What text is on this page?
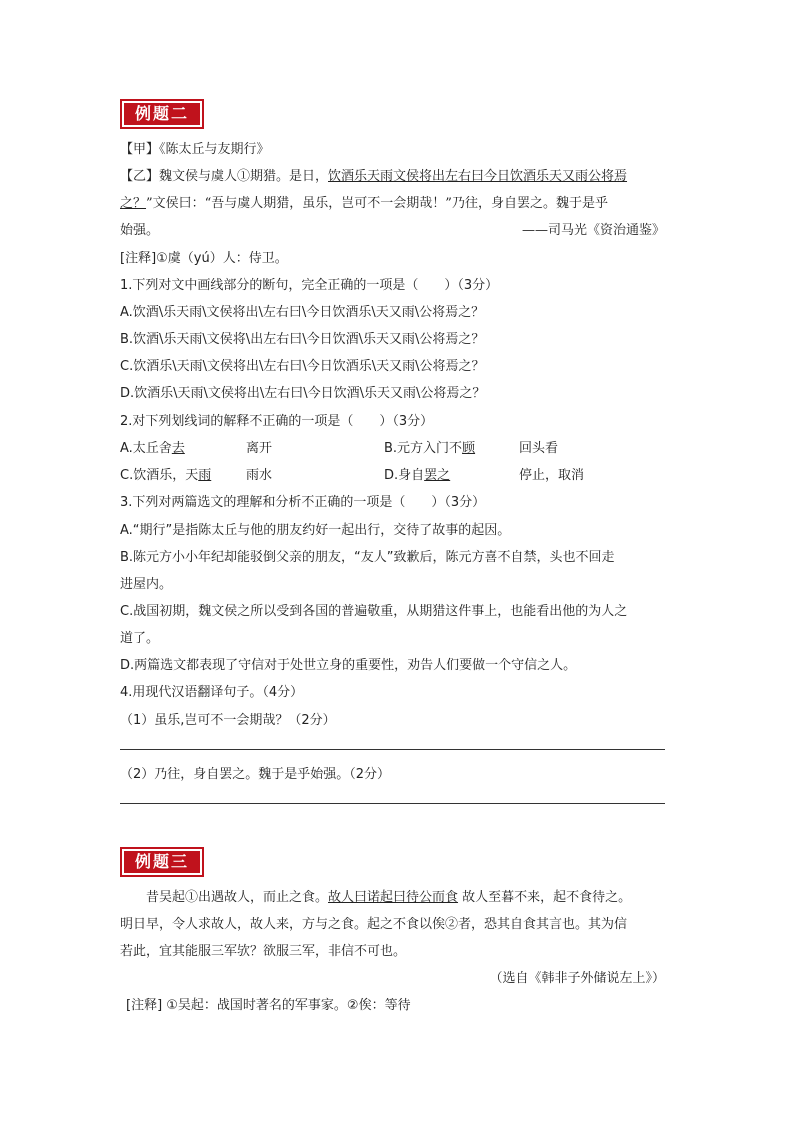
例题二
【甲】《陈太丘与友期行》
【乙】魏文侯与虞人①期猎。是日，饮酒乐天雨文侯将出左右曰今日饮酒乐天又雨公将焉
之？”文侯曰：“吾与虞人期猎，虽乐，岂可不一会期哉！”乃往，身自罢之。魏于是乎
始强。	——司马光《资治通鉴》
[注释]①虞（yú）人：侍卫。
1.下列对文中画线部分的断句，完全正确的一项是（　　）（3分）
A.饮酒\乐天雨\文侯将出\左右曰\今日饮酒乐\天又雨\公将焉之？
B.饮酒\乐天雨\文侯将\出左右曰\今日饮酒\乐天又雨\公将焉之？
C.饮酒乐\天雨\文侯将出\左右曰\今日饮酒乐\天又雨\公将焉之？
D.饮酒乐\天雨\文侯将出\左右曰\今日饮酒\乐天又雨\公将焉之？
2.对下列划线词的解释不正确的一项是（　　）（3分）
A.太丘舍去	离开	B.元方入门不顾	回头看
C.饮酒乐，天雨	雨水	D.身自罢之	停止，取消
3.下列对两篇选文的理解和分析不正确的一项是（　　）（3分）
A.“期行”是指陈太丘与他的朋友约好一起出行，交待了故事的起因。
B.陈元方小小年纪却能驳倒父亲的朋友，“友人”致歉后，陈元方喜不自禁，头也不回走
进屋内。
C.战国初期，魏文侯之所以受到各国的普遍敬重，从期猎这件事上，也能看出他的为人之
道了。
D.两篇选文都表现了守信对于处世立身的重要性，劝告人们要做一个守信之人。
4.用现代汉语翻译句子。（4分）
（1）虽乐,岂可不一会期哉？（2分）
（2）乃往，身自罢之。魏于是乎始强。（2分）
例题三
　　昔吴起①出遇故人，而止之食。故人曰诺起曰待公而食 故人至暮不来，起不食待之。
明日早，令人求故人，故人来，方与之食。起之不食以俟②者，恐其自食其言也。其为信
若此，宜其能服三军欤？欲服三军，非信不可也。
（选自《韩非子外储说左上》）
[注释] ①吴起：战国时著名的军事家。②俟：等待
